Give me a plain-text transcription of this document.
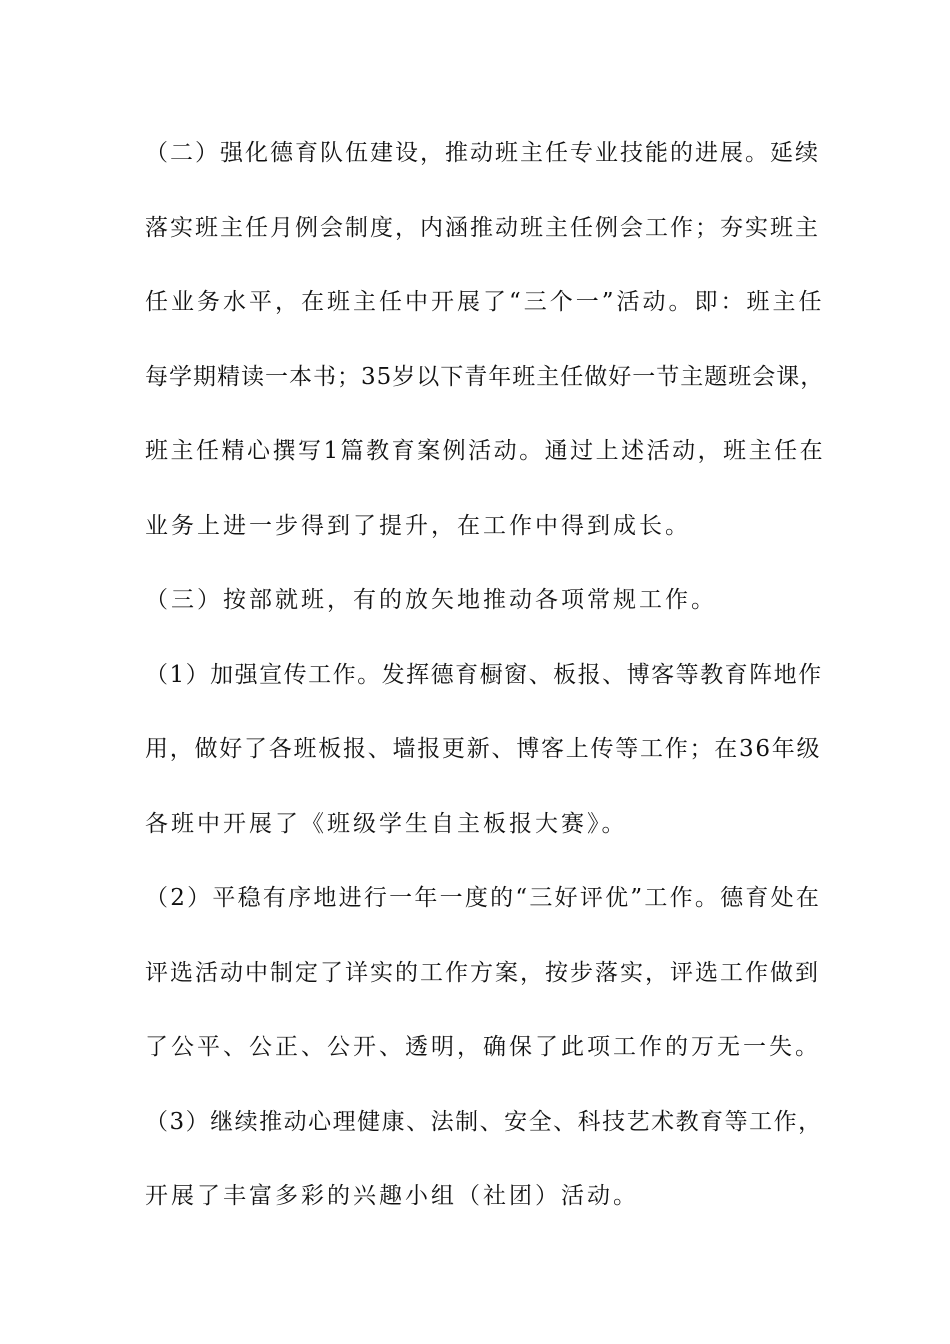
（二）强化德育队伍建设，推动班主任专业技能的进展。延续
落实班主任月例会制度，内涵推动班主任例会工作；夯实班主
任业务水平，在班主任中开展了“三个一”活动。即：班主任
每学期精读一本书；35岁以下青年班主任做好一节主题班会课，
班主任精心撰写1篇教育案例活动。通过上述活动，班主任在
业务上进一步得到了提升，在工作中得到成长。
（三）按部就班，有的放矢地推动各项常规工作。
（1）加强宣传工作。发挥德育橱窗、板报、博客等教育阵地作
用，做好了各班板报、墙报更新、博客上传等工作；在36年级
各班中开展了《班级学生自主板报大赛》。
（2）平稳有序地进行一年一度的“三好评优”工作。德育处在
评选活动中制定了详实的工作方案，按步落实，评选工作做到
了公平、公正、公开、透明，确保了此项工作的万无一失。
（3）继续推动心理健康、法制、安全、科技艺术教育等工作，
开展了丰富多彩的兴趣小组（社团）活动。
